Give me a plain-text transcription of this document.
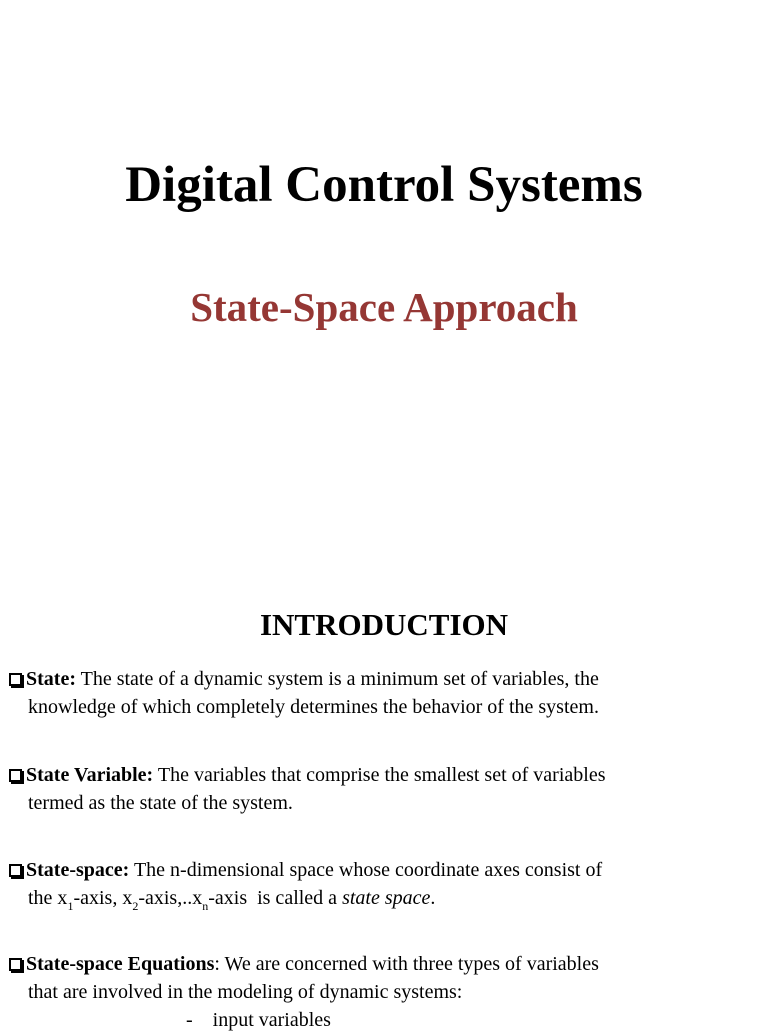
Digital Control Systems
State-Space Approach
INTRODUCTION

State: The state of a dynamic system is a minimum set of variables, the
knowledge of which completely determines the behavior of the system.

State Variable: The variables that comprise the smallest set of variables
termed as the state of the system.

State-space: The n-dimensional space whose coordinate axes consist of
the $x_1$-axis, $x_2-axis,..x_n$-axis  is called a state space.

State-space Equations: We are concerned with three types of variables
that are involved in the modeling of dynamic systems:

-    input variables
